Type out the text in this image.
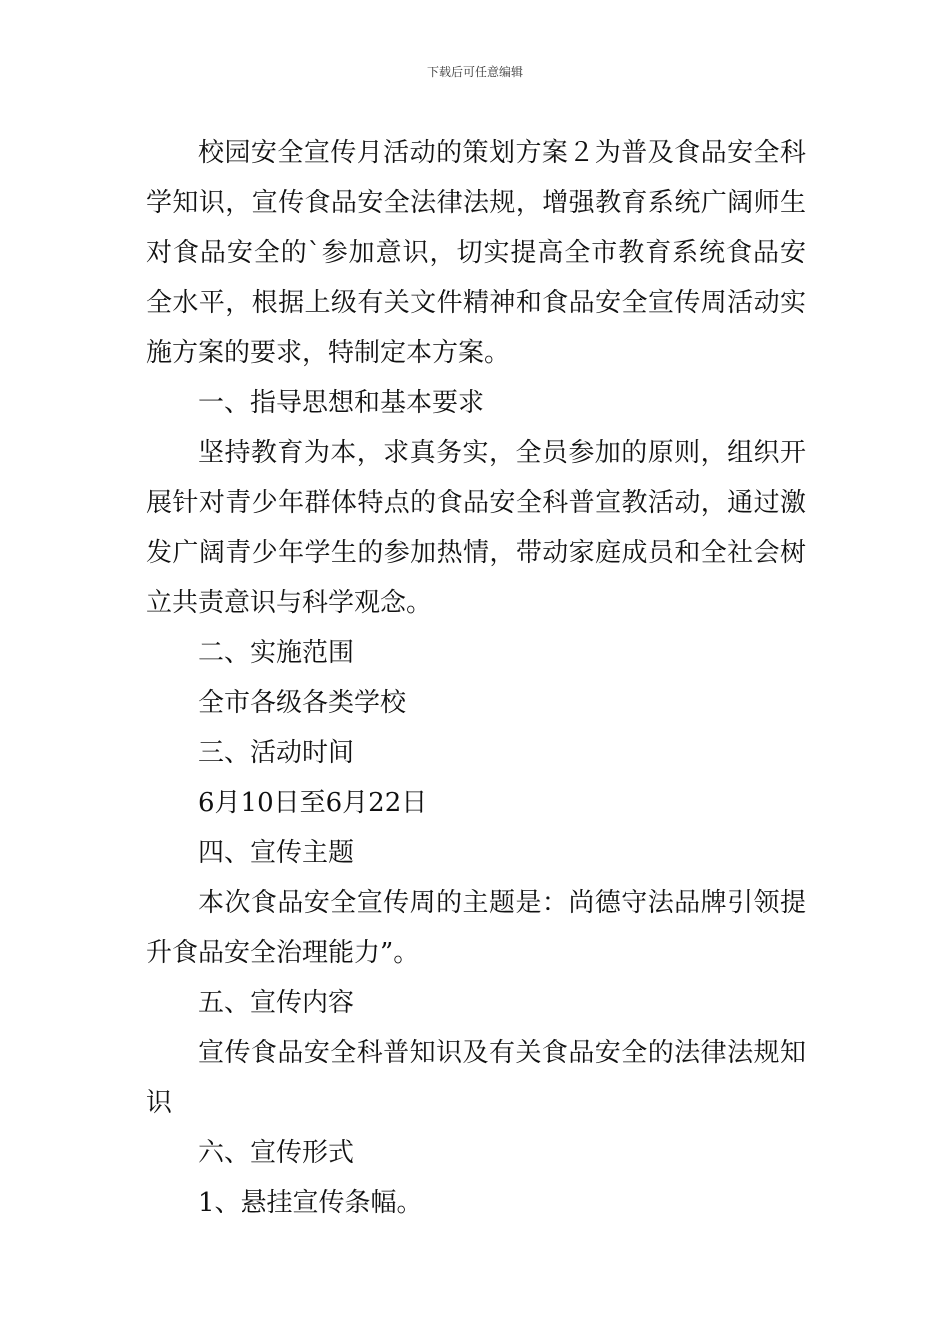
下载后可任意编辑

校园安全宣传月活动的策划方案２为普及食品安全科学知识，宣传食品安全法律法规，增强教育系统广阔师生对食品安全的`参加意识，切实提高全市教育系统食品安全水平，根据上级有关文件精神和食品安全宣传周活动实施方案的要求，特制定本方案。

一、指导思想和基本要求

坚持教育为本，求真务实，全员参加的原则，组织开展针对青少年群体特点的食品安全科普宣教活动，通过激发广阔青少年学生的参加热情，带动家庭成员和全社会树立共责意识与科学观念。

二、实施范围

全市各级各类学校

三、活动时间

6月10日至6月22日

四、宣传主题

本次食品安全宣传周的主题是：尚德守法品牌引领提升食品安全治理能力”。

五、宣传内容

宣传食品安全科普知识及有关食品安全的法律法规知识

六、宣传形式

1、悬挂宣传条幅。
